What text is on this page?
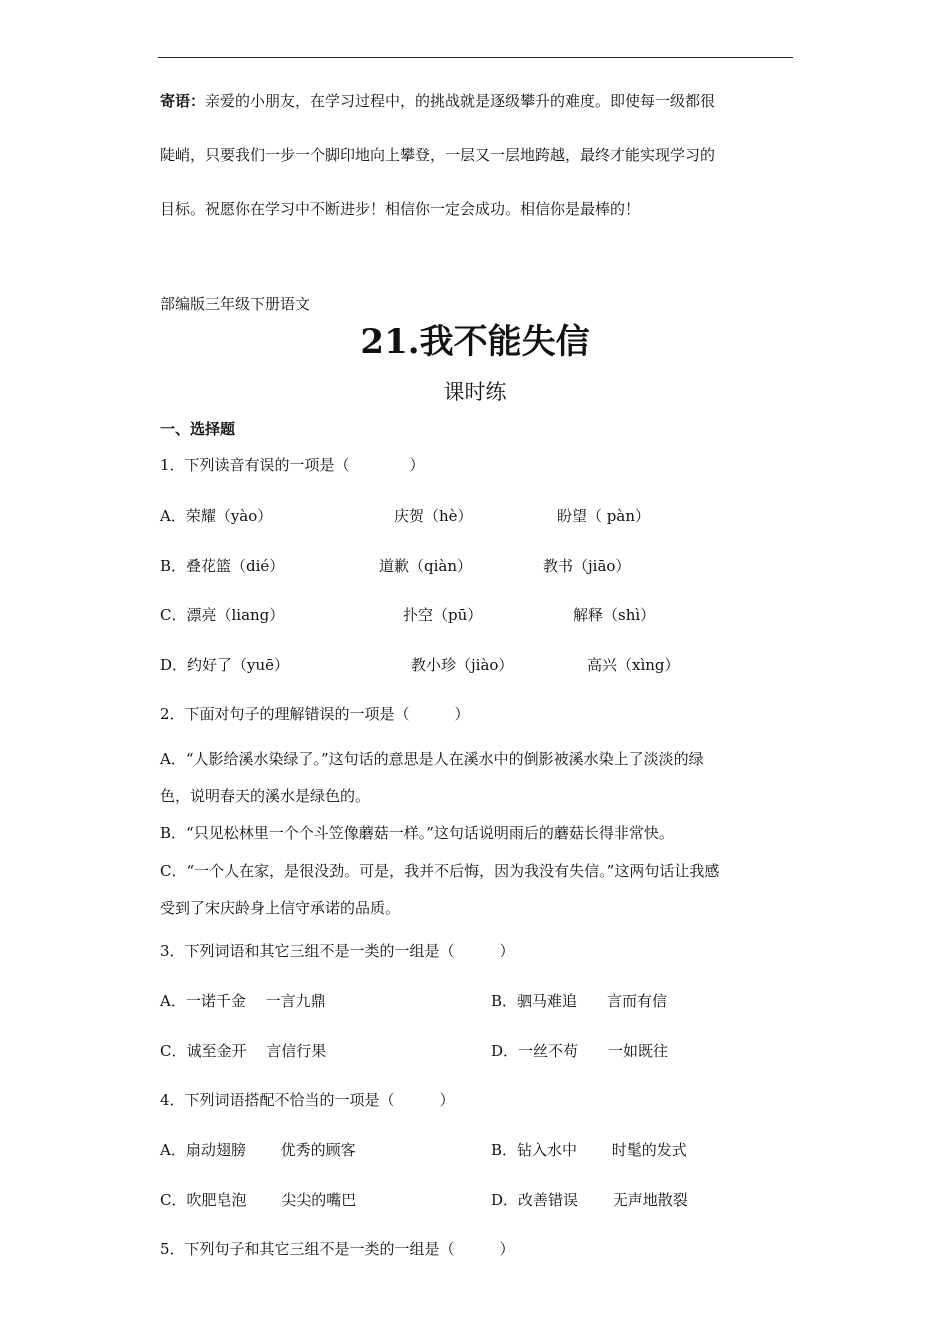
寄语：亲爱的小朋友，在学习过程中，的挑战就是逐级攀升的难度。即使每一级都很
陡峭，只要我们一步一个脚印地向上攀登，一层又一层地跨越，最终才能实现学习的
目标。祝愿你在学习中不断进步！相信你一定会成功。相信你是最棒的！
部编版三年级下册语文
21.我不能失信
课时练
一、选择题
1．下列读音有误的一项是（　　　　）
A．荣耀（yào）	庆贺（hè）	盼望（ pàn）
B．叠花篮（dié）	道歉（qiàn）	教书（jiāo）
C．漂亮（liang）	扑空（pū）	解释（shì）
D．约好了（yuē）	教小珍（jiào）	高兴（xìng）
2．下面对句子的理解错误的一项是（　　　）
A．“人影给溪水染绿了。”这句话的意思是人在溪水中的倒影被溪水染上了淡淡的绿
色，说明春天的溪水是绿色的。
B．“只见松林里一个个斗笠像蘑菇一样。”这句话说明雨后的蘑菇长得非常快。
C．“一个人在家，是很没劲。可是，我并不后悔，因为我没有失信。”这两句话让我感
受到了宋庆龄身上信守承诺的品质。
3．下列词语和其它三组不是一类的一组是（　　　）
A．一诺千金　 一言九鼎	B．驷马难追　　言而有信
C．诚至金开　 言信行果	D．一丝不苟　　一如既往
4．下列词语搭配不恰当的一项是（　　　）
A．扇动翅膀　　 优秀的顾客	B．钻入水中　　 时髦的发式
C．吹肥皂泡　　 尖尖的嘴巴	D．改善错误　　 无声地散裂
5．下列句子和其它三组不是一类的一组是（　　　）
